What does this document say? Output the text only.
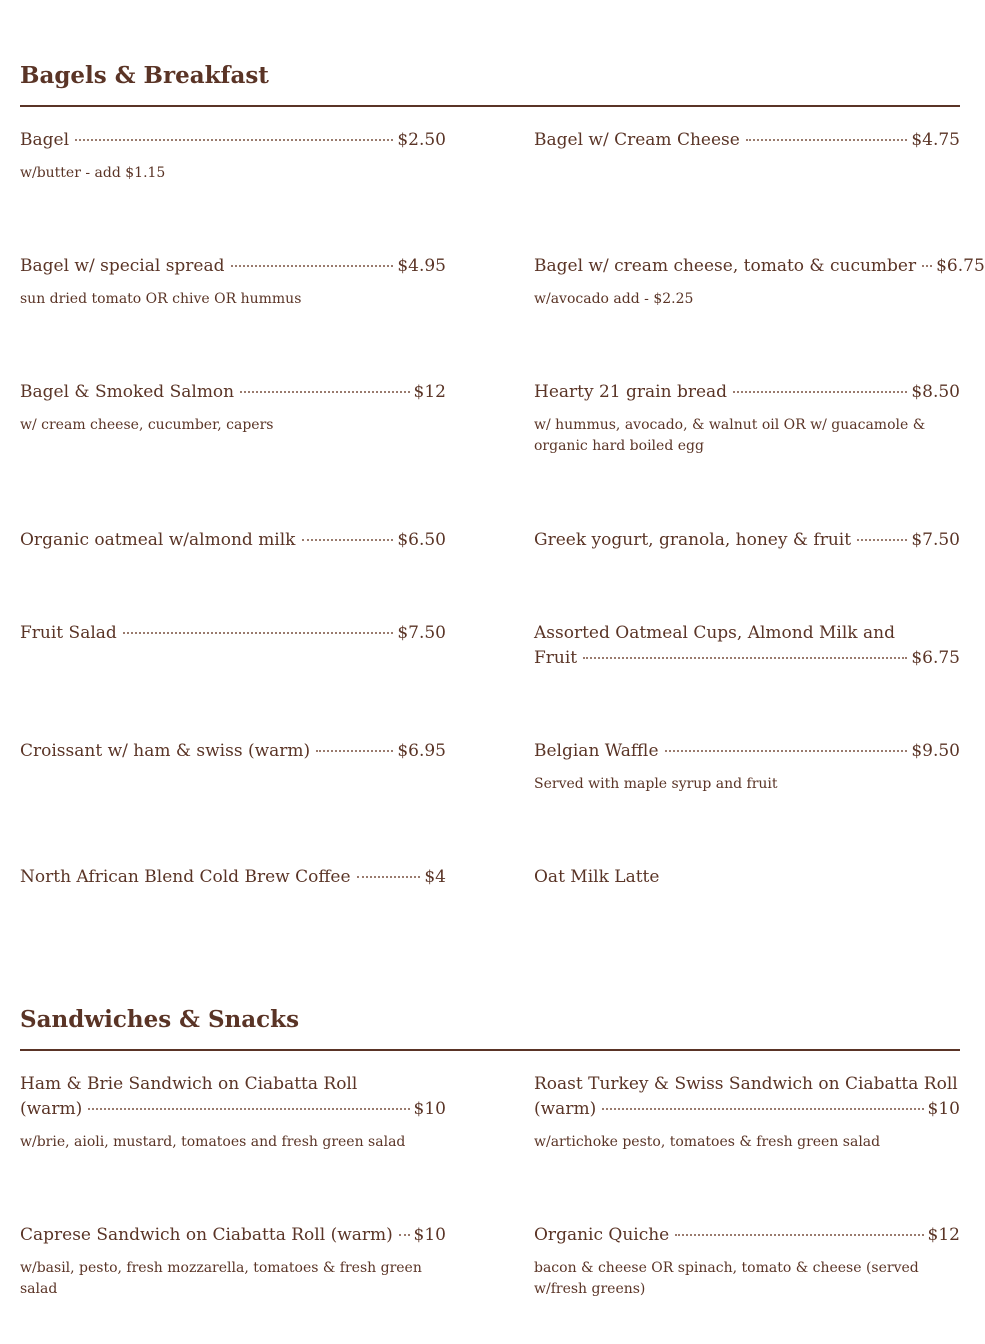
Bagels & Breakfast
Bagel	$2.50
w/butter - add $1.15
Bagel w/ Cream Cheese	$4.75
Bagel w/ special spread	$4.95
sun dried tomato OR chive OR hummus
Bagel w/ cream cheese, tomato & cucumber $6.75
w/avocado add - $2.25
Bagel & Smoked Salmon	$12
w/ cream cheese, cucumber, capers
Hearty 21 grain bread	$8.50
w/ hummus, avocado, & walnut oil OR w/ guacamole & organic hard boiled egg
Organic oatmeal w/almond milk	$6.50	Greek yogurt, granola, honey & fruit	$7.50
Fruit Salad	$7.50	Assorted Oatmeal Cups, Almond Milk and
Fruit	$6.75
Croissant w/ ham & swiss (warm)	$6.95	Belgian Waffle	$9.50
Served with maple syrup and fruit
North African Blend Cold Brew Coffee	$4	Oat Milk Latte
Sandwiches & Snacks
Ham & Brie Sandwich on Ciabatta Roll
(warm)	$10
w/brie, aioli, mustard, tomatoes and fresh green salad
Roast Turkey & Swiss Sandwich on Ciabatta Roll
(warm)	$10
w/artichoke pesto, tomatoes & fresh green salad
Caprese Sandwich on Ciabatta Roll (warm) $10
w/basil, pesto, fresh mozzarella, tomatoes & fresh green salad
Organic Quiche	$12
bacon & cheese OR spinach, tomato & cheese (served w/fresh greens)
